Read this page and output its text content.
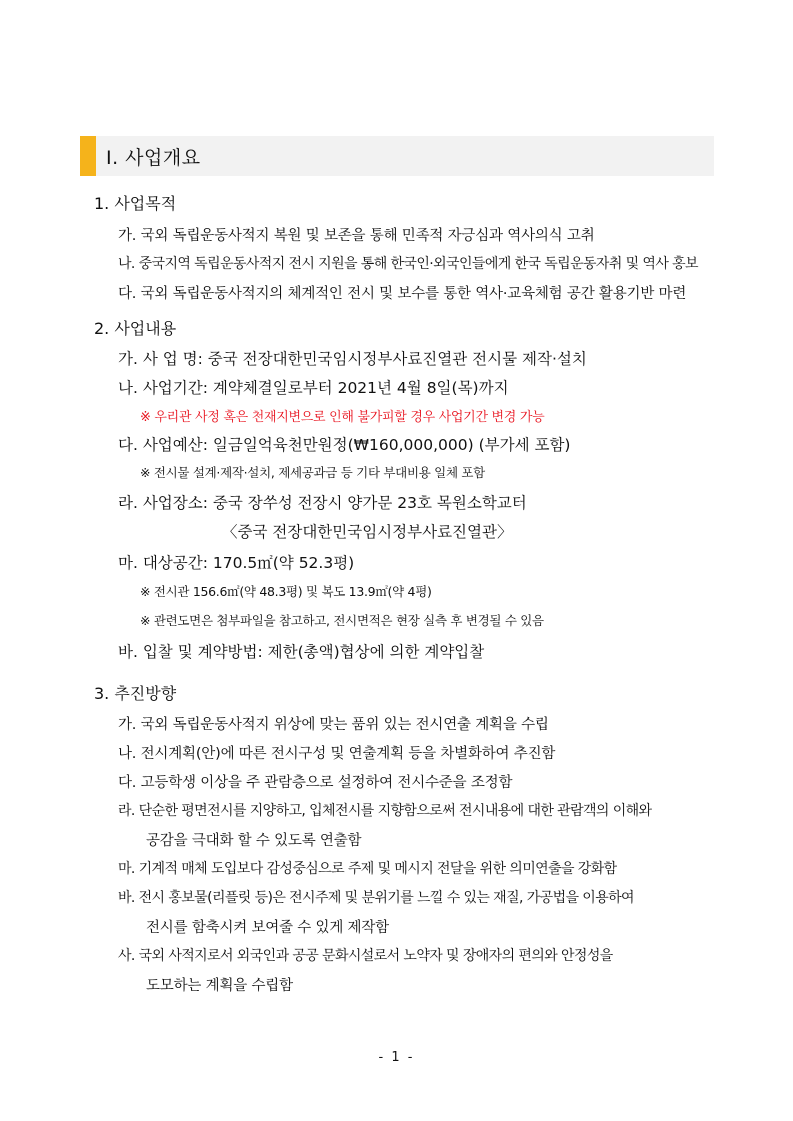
Ⅰ. 사업개요
1. 사업목적
가. 국외 독립운동사적지 복원 및 보존을 통해 민족적 자긍심과 역사의식 고취
나. 중국지역 독립운동사적지 전시 지원을 통해 한국인·외국인들에게 한국 독립운동자취 및 역사 홍보
다. 국외 독립운동사적지의 체계적인 전시 및 보수를 통한 역사·교육체험 공간 활용기반 마련
2. 사업내용
가. 사 업 명: 중국 전장대한민국임시정부사료진열관 전시물 제작·설치
나. 사업기간: 계약체결일로부터 2021년 4월 8일(목)까지
※ 우리관 사정 혹은 천재지변으로 인해 불가피할 경우 사업기간 변경 가능
다. 사업예산: 일금일억육천만원정(₩160,000,000) (부가세 포함)
※ 전시물 설계·제작·설치, 제세공과금 등 기타 부대비용 일체 포함
라. 사업장소: 중국 장쑤성 전장시 양가문 23호 목원소학교터
〈중국 전장대한민국임시정부사료진열관〉
마. 대상공간: 170.5㎡(약 52.3평)
※ 전시관 156.6㎡(약 48.3평) 및 복도 13.9㎡(약 4평)
※ 관련도면은 첨부파일을 참고하고, 전시면적은 현장 실측 후 변경될 수 있음
바. 입찰 및 계약방법: 제한(총액)협상에 의한 계약입찰
3. 추진방향
가. 국외 독립운동사적지 위상에 맞는 품위 있는 전시연출 계획을 수립
나. 전시계획(안)에 따른 전시구성 및 연출계획 등을 차별화하여 추진함
다. 고등학생 이상을 주 관람층으로 설정하여 전시수준을 조정함
라. 단순한 평면전시를 지양하고, 입체전시를 지향함으로써 전시내용에 대한 관람객의 이해와
공감을 극대화 할 수 있도록 연출함
마. 기계적 매체 도입보다 감성중심으로 주제 및 메시지 전달을 위한 의미연출을 강화함
바. 전시 홍보물(리플릿 등)은 전시주제 및 분위기를 느낄 수 있는 재질, 가공법을 이용하여
전시를 함축시켜 보여줄 수 있게 제작함
사. 국외 사적지로서 외국인과 공공 문화시설로서 노약자 및 장애자의 편의와 안정성을
도모하는 계획을 수립함
- 1 -
